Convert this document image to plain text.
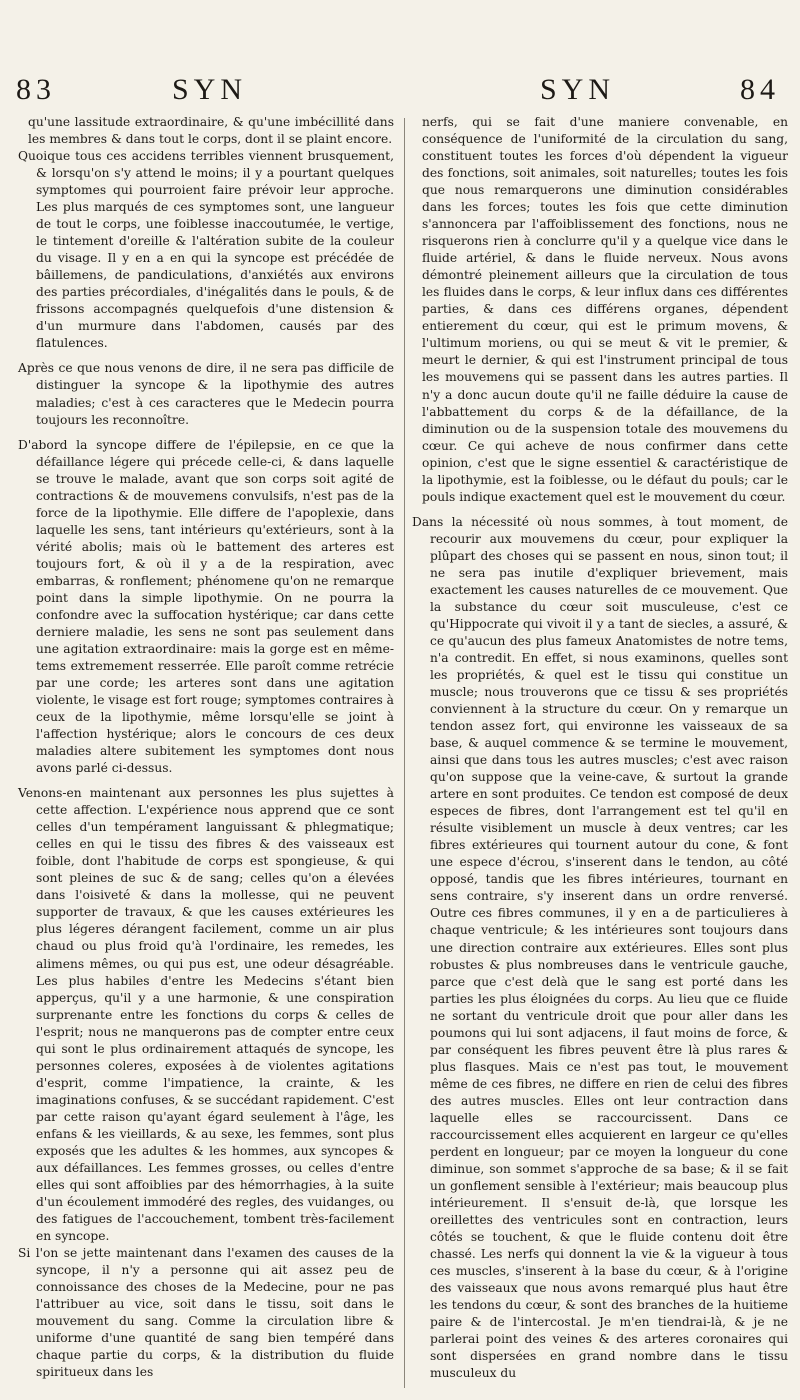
83	SYN	SYN	84

qu'une lassitude extraordinaire, & qu'une imbécillité dans les membres & dans tout le corps, dont il se plaint encore.

Quoique tous ces accidens terribles viennent brusquement, & lorsqu'on s'y attend le moins; il y a pourtant quelques symptomes qui pourroient faire prévoir leur approche. Les plus marqués de ces symptomes sont, une langueur de tout le corps, une foiblesse inaccoutumée, le vertige, le tintement d'oreille & l'altération subite de la couleur du visage. Il y en a en qui la syncope est précédée de bâillemens, de pandiculations, d'anxiétés aux environs des parties précordiales, d'inégalités dans le pouls, & de frissons accompagnés quelquefois d'une distension & d'un murmure dans l'abdomen, causés par des flatulences.

Après ce que nous venons de dire, il ne sera pas difficile de distinguer la syncope & la lipothymie des autres maladies; c'est à ces caracteres que le Medecin pourra toujours les reconnoître.

D'abord la syncope differe de l'épilepsie, en ce que la défaillance légere qui précede celle-ci, & dans laquelle se trouve le malade, avant que son corps soit agité de contractions & de mouvemens convulsifs, n'est pas de la force de la lipothymie. Elle differe de l'apoplexie, dans laquelle les sens, tant intérieurs qu'extérieurs, sont à la vérité abolis; mais où le battement des arteres est toujours fort, & où il y a de la respiration, avec embarras, & ronflement; phénomene qu'on ne remarque point dans la simple lipothymie. On ne pourra la confondre avec la suffocation hystérique; car dans cette derniere maladie, les sens ne sont pas seulement dans une agitation extraordinaire: mais la gorge est en même-tems extremement resserrée. Elle paroît comme retrécie par une corde; les arteres sont dans une agitation violente, le visage est fort rouge; symptomes contraires à ceux de la lipothymie, même lorsqu'elle se joint à l'affection hystérique; alors le concours de ces deux maladies altere subitement les symptomes dont nous avons parlé ci-dessus.

Venons-en maintenant aux personnes les plus sujettes à cette affection. L'expérience nous apprend que ce sont celles d'un tempérament languissant & phlegmatique; celles en qui le tissu des fibres & des vaisseaux est foible, dont l'habitude de corps est spongieuse, & qui sont pleines de suc & de sang; celles qu'on a élevées dans l'oisiveté & dans la mollesse, qui ne peuvent supporter de travaux, & que les causes extérieures les plus légeres dérangent facilement, comme un air plus chaud ou plus froid qu'à l'ordinaire, les remedes, les alimens mêmes, ou qui pus est, une odeur désagréable. Les plus habiles d'entre les Medecins s'étant bien apperçus, qu'il y a une harmonie, & une conspiration surprenante entre les fonctions du corps & celles de l'esprit; nous ne manquerons pas de compter entre ceux qui sont le plus ordinairement attaqués de syncope, les personnes coleres, exposées à de violentes agitations d'esprit, comme l'impatience, la crainte, & les imaginations confuses, & se succédant rapidement. C'est par cette raison qu'ayant égard seulement à l'âge, les enfans & les vieillards, & au sexe, les femmes, sont plus exposés que les adultes & les hommes, aux syncopes & aux défaillances. Les femmes grosses, ou celles d'entre elles qui sont affoiblies par des hémorrhagies, à la suite d'un écoulement immodéré des regles, des vuidanges, ou des fatigues de l'accouchement, tombent très-facilement en syncope.

Si l'on se jette maintenant dans l'examen des causes de la syncope, il n'y a personne qui ait assez peu de connoissance des choses de la Medecine, pour ne pas l'attribuer au vice, soit dans le tissu, soit dans le mouvement du sang. Comme la circulation libre & uniforme d'une quantité de sang bien tempéré dans chaque partie du corps, & la distribution du fluide spiritueux dans les

nerfs, qui se fait d'une maniere convenable, en conséquence de l'uniformité de la circulation du sang, constituent toutes les forces d'où dépendent la vigueur des fonctions, soit animales, soit naturelles; toutes les fois que nous remarquerons une diminution considérables dans les forces; toutes les fois que cette diminution s'annoncera par l'affoiblissement des fonctions, nous ne risquerons rien à conclurre qu'il y a quelque vice dans le fluide artériel, & dans le fluide nerveux. Nous avons démontré pleinement ailleurs que la circulation de tous les fluides dans le corps, & leur influx dans ces différentes parties, & dans ces différens organes, dépendent entierement du cœur, qui est le primum movens, & l'ultimum moriens, ou qui se meut & vit le premier, & meurt le dernier, & qui est l'instrument principal de tous les mouvemens qui se passent dans les autres parties. Il n'y a donc aucun doute qu'il ne faille déduire la cause de l'abbattement du corps & de la défaillance, de la diminution ou de la suspension totale des mouvemens du cœur. Ce qui acheve de nous confirmer dans cette opinion, c'est que le signe essentiel & caractéristique de la lipothymie, est la foiblesse, ou le défaut du pouls; car le pouls indique exactement quel est le mouvement du cœur.

Dans la nécessité où nous sommes, à tout moment, de recourir aux mouvemens du cœur, pour expliquer la plûpart des choses qui se passent en nous, sinon tout; il ne sera pas inutile d'expliquer brievement, mais exactement les causes naturelles de ce mouvement. Que la substance du cœur soit musculeuse, c'est ce qu'Hippocrate qui vivoit il y a tant de siecles, a assuré, & ce qu'aucun des plus fameux Anatomistes de notre tems, n'a contredit. En effet, si nous examinons, quelles sont les propriétés, & quel est le tissu qui constitue un muscle; nous trouverons que ce tissu & ses propriétés conviennent à la structure du cœur. On y remarque un tendon assez fort, qui environne les vaisseaux de sa base, & auquel commence & se termine le mouvement, ainsi que dans tous les autres muscles; c'est avec raison qu'on suppose que la veine-cave, & surtout la grande artere en sont produites. Ce tendon est composé de deux especes de fibres, dont l'arrangement est tel qu'il en résulte visiblement un muscle à deux ventres; car les fibres extérieures qui tournent autour du cone, & font une espece d'écrou, s'inserent dans le tendon, au côté opposé, tandis que les fibres intérieures, tournant en sens contraire, s'y inserent dans un ordre renversé. Outre ces fibres communes, il y en a de particulieres à chaque ventricule; & les intérieures sont toujours dans une direction contraire aux extérieures. Elles sont plus robustes & plus nombreuses dans le ventricule gauche, parce que c'est delà que le sang est porté dans les parties les plus éloignées du corps. Au lieu que ce fluide ne sortant du ventricule droit que pour aller dans les poumons qui lui sont adjacens, il faut moins de force, & par conséquent les fibres peuvent être là plus rares & plus flasques. Mais ce n'est pas tout, le mouvement même de ces fibres, ne differe en rien de celui des fibres des autres muscles. Elles ont leur contraction dans laquelle elles se raccourcissent. Dans ce raccourcissement elles acquierent en largeur ce qu'elles perdent en longueur; par ce moyen la longueur du cone diminue, son sommet s'approche de sa base; & il se fait un gonflement sensible à l'extérieur; mais beaucoup plus intérieurement. Il s'ensuit de-là, que lorsque les oreillettes des ventricules sont en contraction, leurs côtés se touchent, & que le fluide contenu doit être chassé. Les nerfs qui donnent la vie & la vigueur à tous ces muscles, s'inserent à la base du cœur, & à l'origine des vaisseaux que nous avons remarqué plus haut être les tendons du cœur, & sont des branches de la huitieme paire & de l'intercostal. Je m'en tiendrai-là, & je ne parlerai point des veines & des arteres coronaires qui sont dispersées en grand nombre dans le tissu musculeux du
